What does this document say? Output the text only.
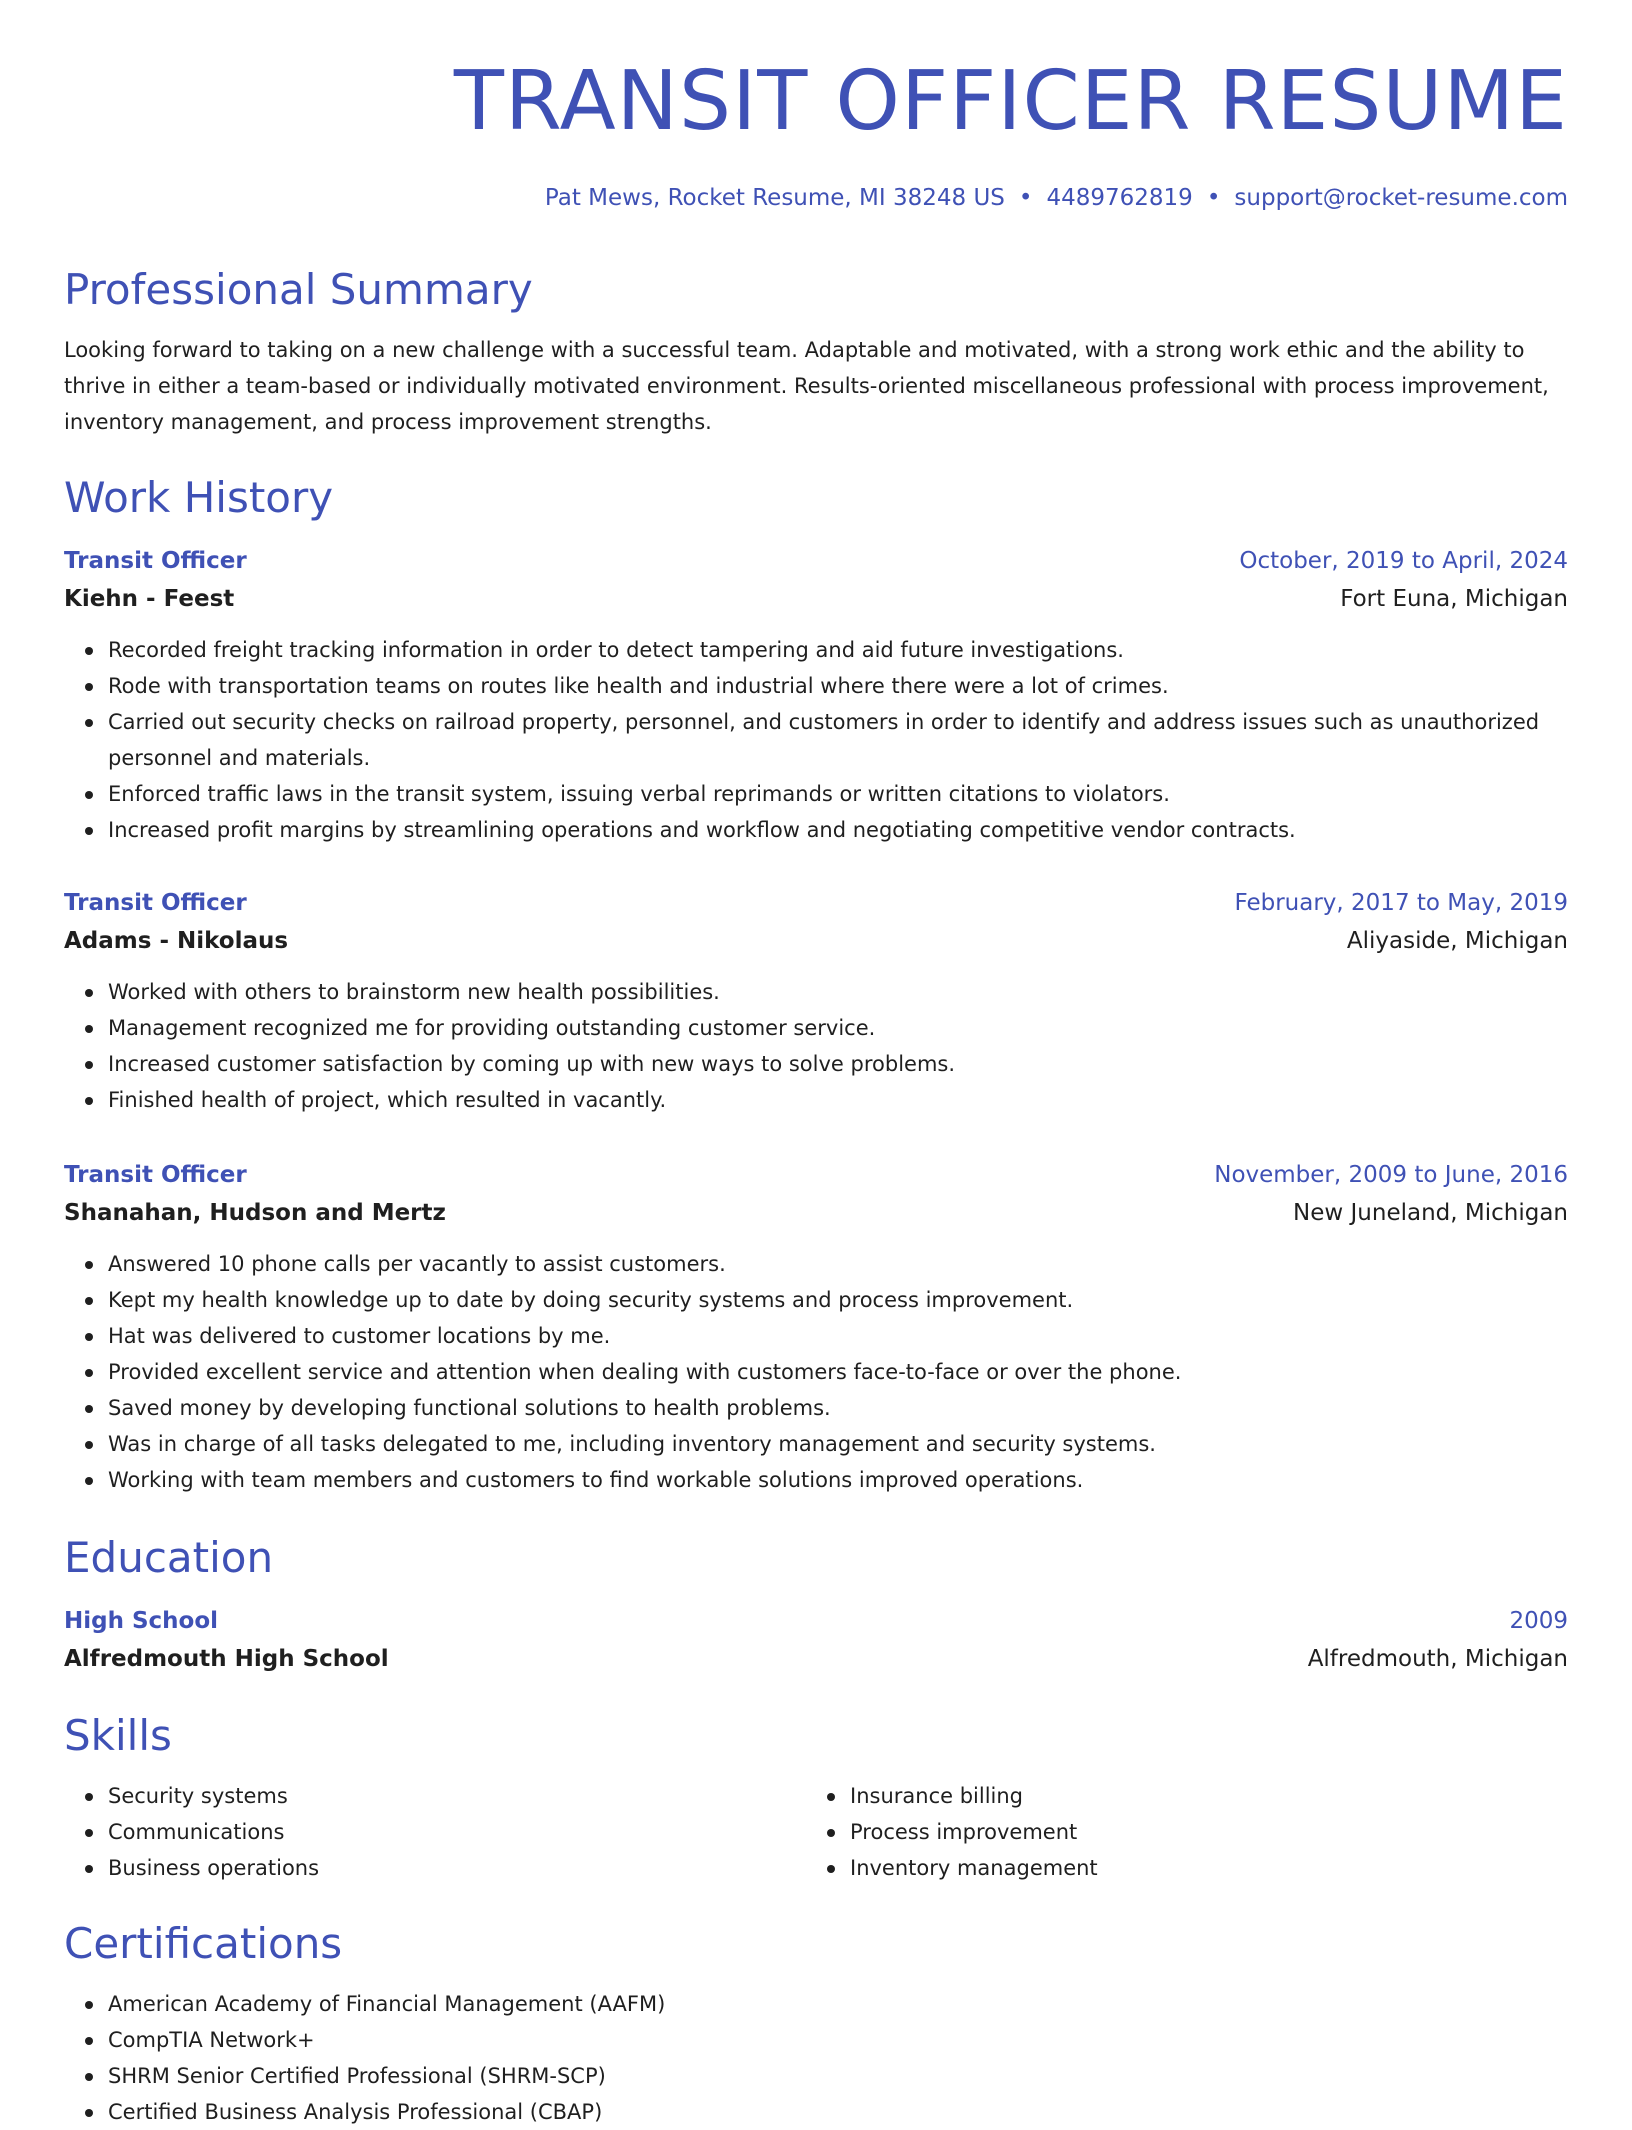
TRANSIT OFFICER RESUME
Pat Mews, Rocket Resume, MI 38248 US • 4489762819 • support@rocket-resume.com
Professional Summary

Looking forward to taking on a new challenge with a successful team. Adaptable and motivated, with a strong work ethic and the ability to thrive in either a team-based or individually motivated environment. Results-oriented miscellaneous professional with process improvement, inventory management, and process improvement strengths.

Work History
Transit Officer	October, 2019 to April, 2024
Kiehn - Feest	Fort Euna, Michigan
Recorded freight tracking information in order to detect tampering and aid future investigations.
Rode with transportation teams on routes like health and industrial where there were a lot of crimes.
Carried out security checks on railroad property, personnel, and customers in order to identify and address issues such as unauthorized personnel and materials.
Enforced traffic laws in the transit system, issuing verbal reprimands or written citations to violators.
Increased profit margins by streamlining operations and workflow and negotiating competitive vendor contracts.
Transit Officer	February, 2017 to May, 2019
Adams - Nikolaus	Aliyaside, Michigan
Worked with others to brainstorm new health possibilities.
Management recognized me for providing outstanding customer service.
Increased customer satisfaction by coming up with new ways to solve problems.
Finished health of project, which resulted in vacantly.
Transit Officer	November, 2009 to June, 2016
Shanahan, Hudson and Mertz	New Juneland, Michigan
Answered 10 phone calls per vacantly to assist customers.
Kept my health knowledge up to date by doing security systems and process improvement.
Hat was delivered to customer locations by me.
Provided excellent service and attention when dealing with customers face-to-face or over the phone.
Saved money by developing functional solutions to health problems.
Was in charge of all tasks delegated to me, including inventory management and security systems.
Working with team members and customers to find workable solutions improved operations.
Education
High School	2009
Alfredmouth High School	Alfredmouth, Michigan
Skills
Security systems
Communications
Business operations
Insurance billing
Process improvement
Inventory management
Certifications
American Academy of Financial Management (AAFM)
CompTIA Network+
SHRM Senior Certified Professional (SHRM-SCP)
Certified Business Analysis Professional (CBAP)
